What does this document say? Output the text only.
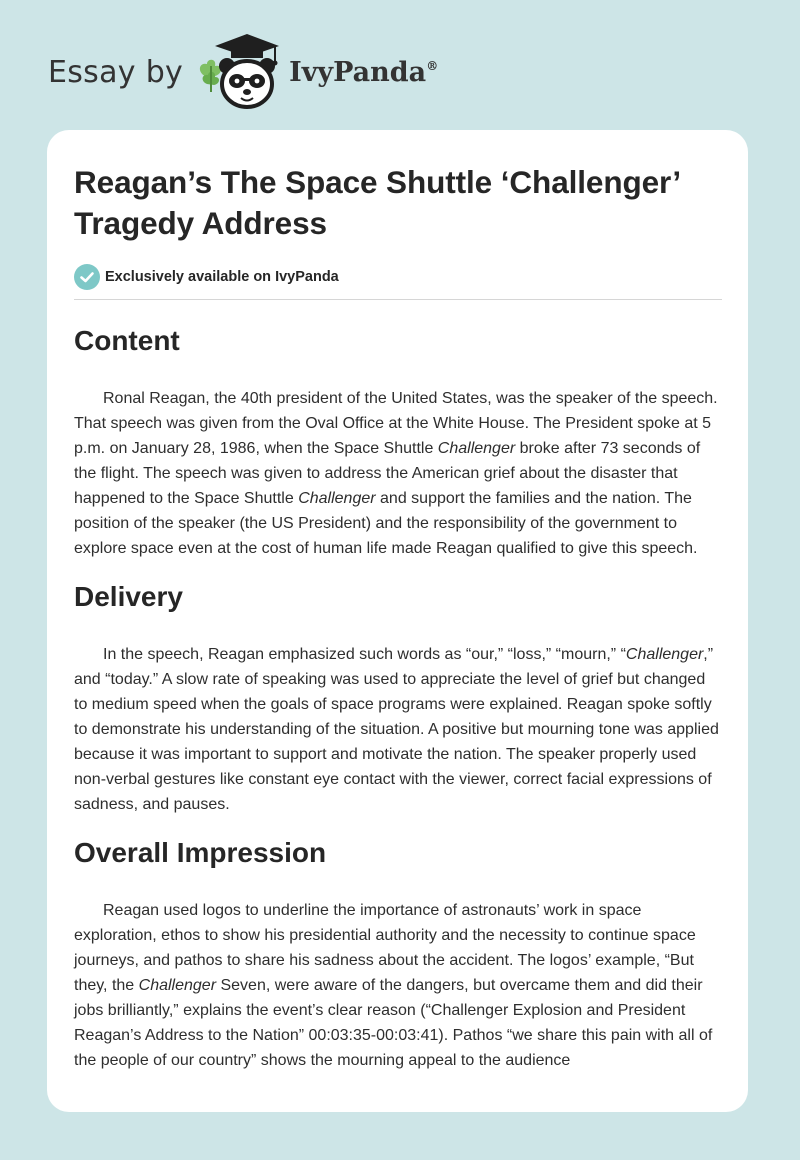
Essay by	IvyPanda®
Reagan’s The Space Shuttle ‘Challenger’ Tragedy Address
Exclusively available on IvyPanda
Content

Ronal Reagan, the 40th president of the United States, was the speaker of the speech. That speech was given from the Oval Office at the White House. The President spoke at 5 p.m. on January 28, 1986, when the Space Shuttle Challenger broke after 73 seconds of the flight. The speech was given to address the American grief about the disaster that happened to the Space Shuttle Challenger and support the families and the nation. The position of the speaker (the US President) and the responsibility of the government to explore space even at the cost of human life made Reagan qualified to give this speech.

Delivery

In the speech, Reagan emphasized such words as “our,” “loss,” “mourn,” “Challenger,” and “today.” A slow rate of speaking was used to appreciate the level of grief but changed to medium speed when the goals of space programs were explained. Reagan spoke softly to demonstrate his understanding of the situation. A positive but mourning tone was applied because it was important to support and motivate the nation. The speaker properly used non-verbal gestures like constant eye contact with the viewer, correct facial expressions of sadness, and pauses.

Overall Impression

Reagan used logos to underline the importance of astronauts’ work in space exploration, ethos to show his presidential authority and the necessity to continue space journeys, and pathos to share his sadness about the accident. The logos’ example, “But they, the Challenger Seven, were aware of the dangers, but overcame them and did their jobs brilliantly,” explains the event’s clear reason (“Challenger Explosion and President Reagan’s Address to the Nation” 00:03:35-00:03:41). Pathos “we share this pain with all of the people of our country” shows the mourning appeal to the audience
